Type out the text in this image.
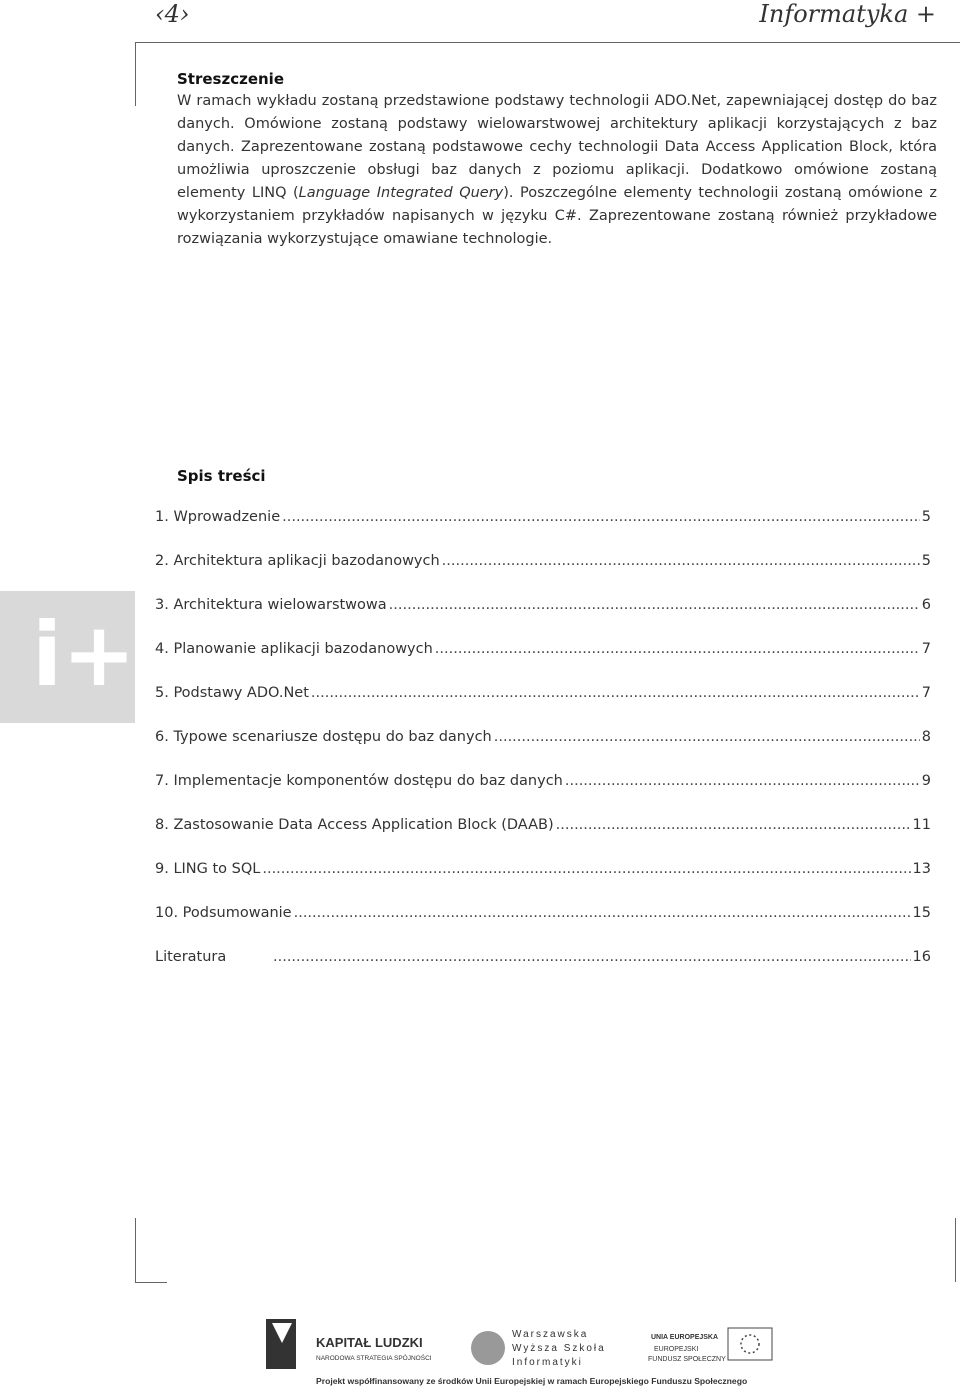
‹4›	Informatyka +

Streszczenie

W ramach wykładu zostaną przedstawione podstawy technologii ADO.Net, zapewniającej dostęp do baz danych. Omówione zostaną podstawy wielowarstwowej architektury aplikacji korzystających z baz danych. Zaprezentowane zostaną podstawowe cechy technologii Data Access Application Block, która umożliwia uproszczenie obsługi baz danych z poziomu aplikacji. Dodatkowo omówione zostaną elementy LINQ (Language Integrated Query). Poszczególne elementy technologii zostaną omówione z wykorzystaniem przykładów napisanych w języku C#. Zaprezentowane zostaną również przykładowe rozwiązania wykorzystujące omawiane technologie.

Spis treści

1. Wprowadzenie .....	5
2. Architektura aplikacji bazodanowych .....	5
3. Architektura wielowarstwowa .....	6
4. Planowanie aplikacji bazodanowych .....	7
5. Podstawy ADO.Net .....	7
6. Typowe scenariusze dostępu do baz danych .....	8
7. Implementacje komponentów dostępu do baz danych .....	9
8. Zastosowanie Data Access Application Block (DAAB) .....	11
9. LING to SQL .....	13
10. Podsumowanie .....	15
Literatura .....	16
i+
KAPITAŁ LUDZKI
NARODOWA STRATEGIA SPÓJNOŚCI
Warszawska
Wyższa Szkoła
Informatyki
UNIA EUROPEJSKA
EUROPEJSKI
FUNDUSZ SPOŁECZNY
Projekt współfinansowany ze środków Unii Europejskiej w ramach Europejskiego Funduszu Społecznego
